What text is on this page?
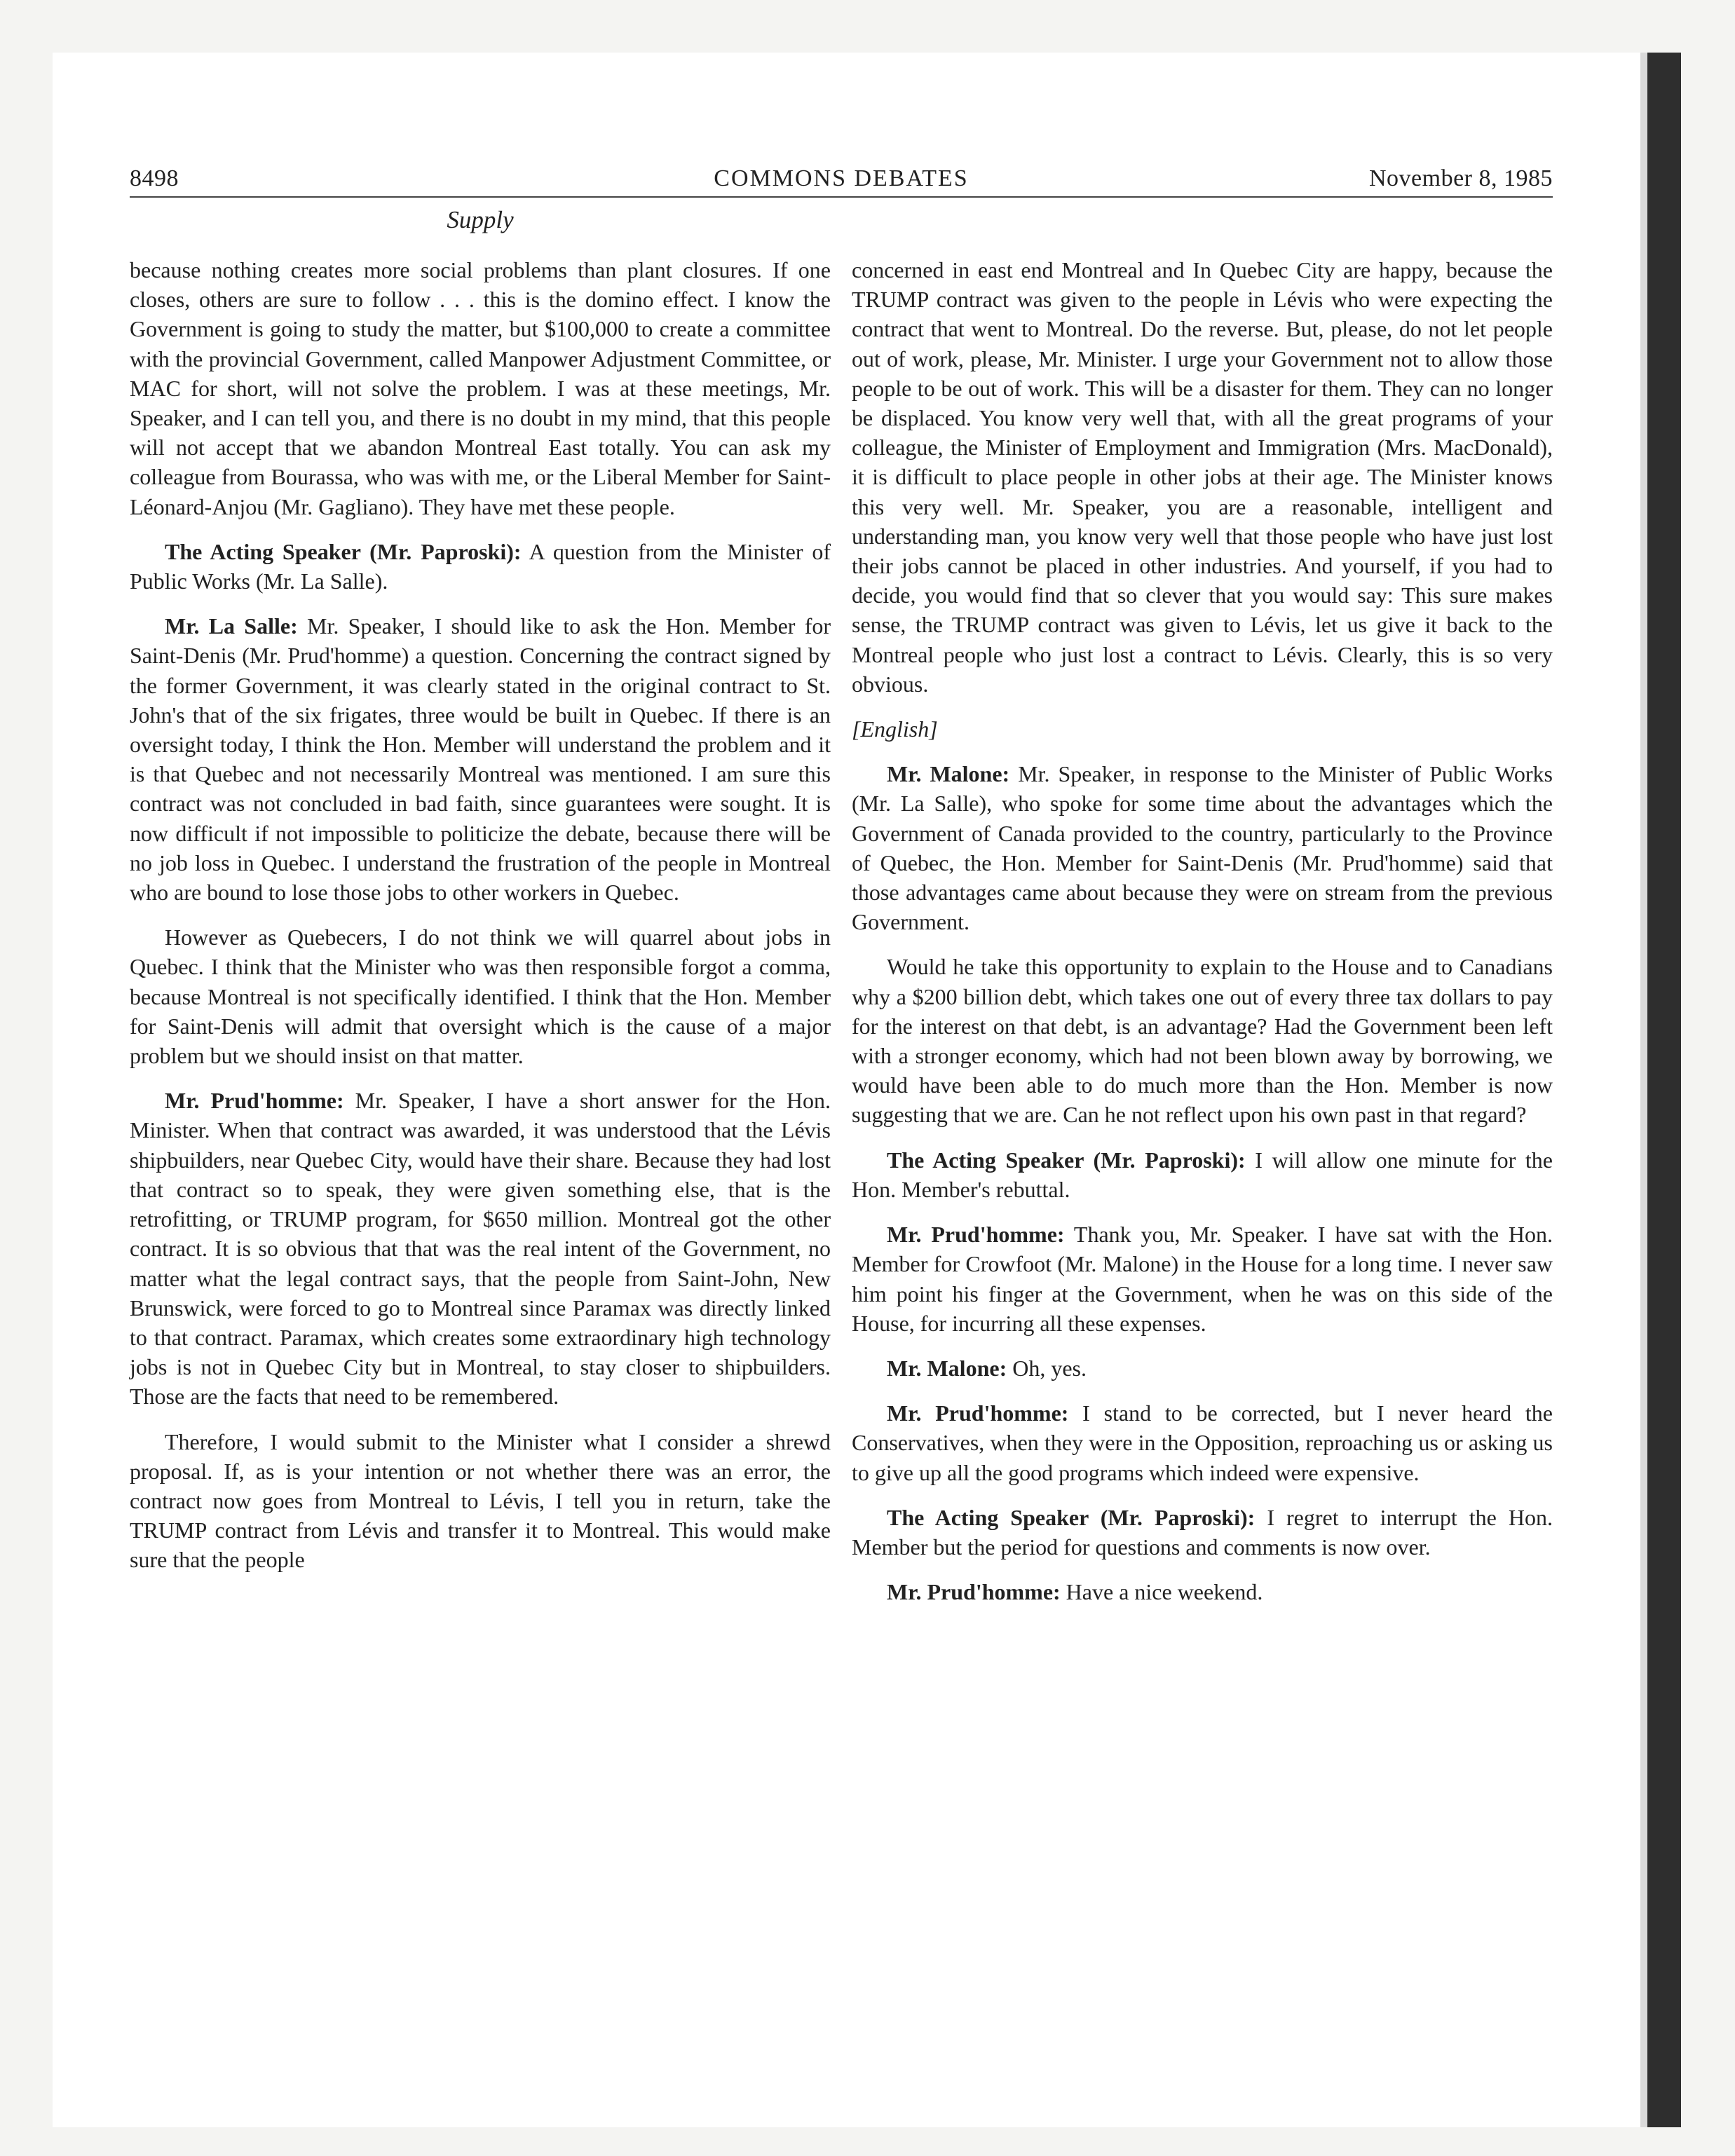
8498	COMMONS DEBATES	November 8, 1985
Supply

because nothing creates more social problems than plant closures. If one closes, others are sure to follow . . . this is the domino effect. I know the Government is going to study the matter, but $100,000 to create a committee with the provincial Government, called Manpower Adjustment Committee, or MAC for short, will not solve the problem. I was at these meetings, Mr. Speaker, and I can tell you, and there is no doubt in my mind, that this people will not accept that we abandon Montreal East totally. You can ask my colleague from Bourassa, who was with me, or the Liberal Member for Saint-Léonard-Anjou (Mr. Gagliano). They have met these people.

The Acting Speaker (Mr. Paproski): A question from the Minister of Public Works (Mr. La Salle).

Mr. La Salle: Mr. Speaker, I should like to ask the Hon. Member for Saint-Denis (Mr. Prud'homme) a question. Concerning the contract signed by the former Government, it was clearly stated in the original contract to St. John's that of the six frigates, three would be built in Quebec. If there is an oversight today, I think the Hon. Member will understand the problem and it is that Quebec and not necessarily Montreal was mentioned. I am sure this contract was not concluded in bad faith, since guarantees were sought. It is now difficult if not impossible to politicize the debate, because there will be no job loss in Quebec. I understand the frustration of the people in Montreal who are bound to lose those jobs to other workers in Quebec.

However as Quebecers, I do not think we will quarrel about jobs in Quebec. I think that the Minister who was then responsible forgot a comma, because Montreal is not specifically identified. I think that the Hon. Member for Saint-Denis will admit that oversight which is the cause of a major problem but we should insist on that matter.

Mr. Prud'homme: Mr. Speaker, I have a short answer for the Hon. Minister. When that contract was awarded, it was understood that the Lévis shipbuilders, near Quebec City, would have their share. Because they had lost that contract so to speak, they were given something else, that is the retrofitting, or TRUMP program, for $650 million. Montreal got the other contract. It is so obvious that that was the real intent of the Government, no matter what the legal contract says, that the people from Saint-John, New Brunswick, were forced to go to Montreal since Paramax was directly linked to that contract. Paramax, which creates some extraordinary high technology jobs is not in Quebec City but in Montreal, to stay closer to shipbuilders. Those are the facts that need to be remembered.

Therefore, I would submit to the Minister what I consider a shrewd proposal. If, as is your intention or not whether there was an error, the contract now goes from Montreal to Lévis, I tell you in return, take the TRUMP contract from Lévis and transfer it to Montreal. This would make sure that the people

concerned in east end Montreal and In Quebec City are happy, because the TRUMP contract was given to the people in Lévis who were expecting the contract that went to Montreal. Do the reverse. But, please, do not let people out of work, please, Mr. Minister. I urge your Government not to allow those people to be out of work. This will be a disaster for them. They can no longer be displaced. You know very well that, with all the great programs of your colleague, the Minister of Employment and Immigration (Mrs. MacDonald), it is difficult to place people in other jobs at their age. The Minister knows this very well. Mr. Speaker, you are a reasonable, intelligent and understanding man, you know very well that those people who have just lost their jobs cannot be placed in other industries. And yourself, if you had to decide, you would find that so clever that you would say: This sure makes sense, the TRUMP contract was given to Lévis, let us give it back to the Montreal people who just lost a contract to Lévis. Clearly, this is so very obvious.

[English]

Mr. Malone: Mr. Speaker, in response to the Minister of Public Works (Mr. La Salle), who spoke for some time about the advantages which the Government of Canada provided to the country, particularly to the Province of Quebec, the Hon. Member for Saint-Denis (Mr. Prud'homme) said that those advantages came about because they were on stream from the previous Government.

Would he take this opportunity to explain to the House and to Canadians why a $200 billion debt, which takes one out of every three tax dollars to pay for the interest on that debt, is an advantage? Had the Government been left with a stronger economy, which had not been blown away by borrowing, we would have been able to do much more than the Hon. Member is now suggesting that we are. Can he not reflect upon his own past in that regard?

The Acting Speaker (Mr. Paproski): I will allow one minute for the Hon. Member's rebuttal.

Mr. Prud'homme: Thank you, Mr. Speaker. I have sat with the Hon. Member for Crowfoot (Mr. Malone) in the House for a long time. I never saw him point his finger at the Government, when he was on this side of the House, for incurring all these expenses.

Mr. Malone: Oh, yes.

Mr. Prud'homme: I stand to be corrected, but I never heard the Conservatives, when they were in the Opposition, reproaching us or asking us to give up all the good programs which indeed were expensive.

The Acting Speaker (Mr. Paproski): I regret to interrupt the Hon. Member but the period for questions and comments is now over.

Mr. Prud'homme: Have a nice weekend.
